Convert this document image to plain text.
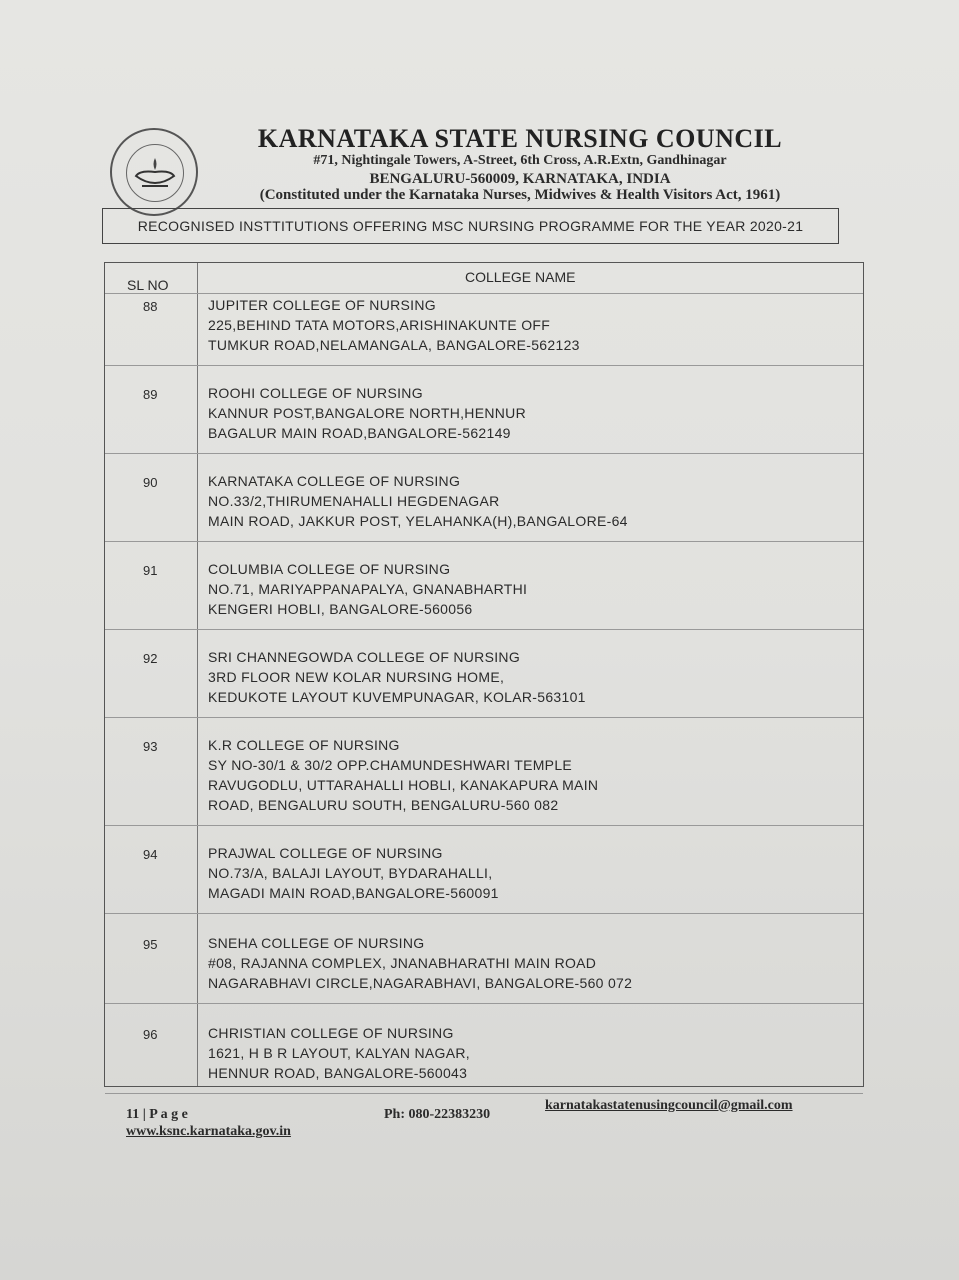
KARNATAKA STATE NURSING COUNCIL
#71, Nightingale Towers, A-Street, 6th Cross, A.R.Extn, Gandhinagar
BENGALURU-560009, KARNATAKA, INDIA
(Constituted under the Karnataka Nurses, Midwives & Health Visitors Act, 1961)
RECOGNISED INSTTITUTIONS OFFERING MSC NURSING PROGRAMME FOR THE YEAR 2020-21
SL NO	COLLEGE NAME
88	JUPITER COLLEGE OF NURSING
225,BEHIND TATA MOTORS,ARISHINAKUNTE OFF
TUMKUR ROAD,NELAMANGALA, BANGALORE-562123
89	ROOHI COLLEGE OF NURSING
KANNUR POST,BANGALORE NORTH,HENNUR
BAGALUR MAIN ROAD,BANGALORE-562149
90	KARNATAKA COLLEGE OF NURSING
NO.33/2,THIRUMENAHALLI HEGDENAGAR
MAIN ROAD, JAKKUR POST, YELAHANKA(H),BANGALORE-64
91	COLUMBIA COLLEGE OF NURSING
NO.71, MARIYAPPANAPALYA, GNANABHARTHI
KENGERI HOBLI, BANGALORE-560056
92	SRI CHANNEGOWDA COLLEGE OF NURSING
3RD FLOOR NEW KOLAR NURSING HOME,
KEDUKOTE LAYOUT KUVEMPUNAGAR, KOLAR-563101
93	K.R COLLEGE OF NURSING
SY NO-30/1 & 30/2 OPP.CHAMUNDESHWARI TEMPLE
RAVUGODLU, UTTARAHALLI HOBLI, KANAKAPURA MAIN
ROAD, BENGALURU SOUTH, BENGALURU-560 082
94	PRAJWAL COLLEGE OF NURSING
NO.73/A, BALAJI LAYOUT, BYDARAHALLI,
MAGADI MAIN ROAD,BANGALORE-560091
95	SNEHA COLLEGE OF NURSING
#08, RAJANNA COMPLEX, JNANABHARATHI MAIN ROAD
NAGARABHAVI CIRCLE,NAGARABHAVI, BANGALORE-560 072
96	CHRISTIAN COLLEGE OF NURSING
1621, H B R LAYOUT, KALYAN NAGAR,
HENNUR ROAD, BANGALORE-560043
11 | P a g e
www.ksnc.karnataka.gov.in
Ph: 080-22383230
karnatakastatenusingcouncil@gmail.com
